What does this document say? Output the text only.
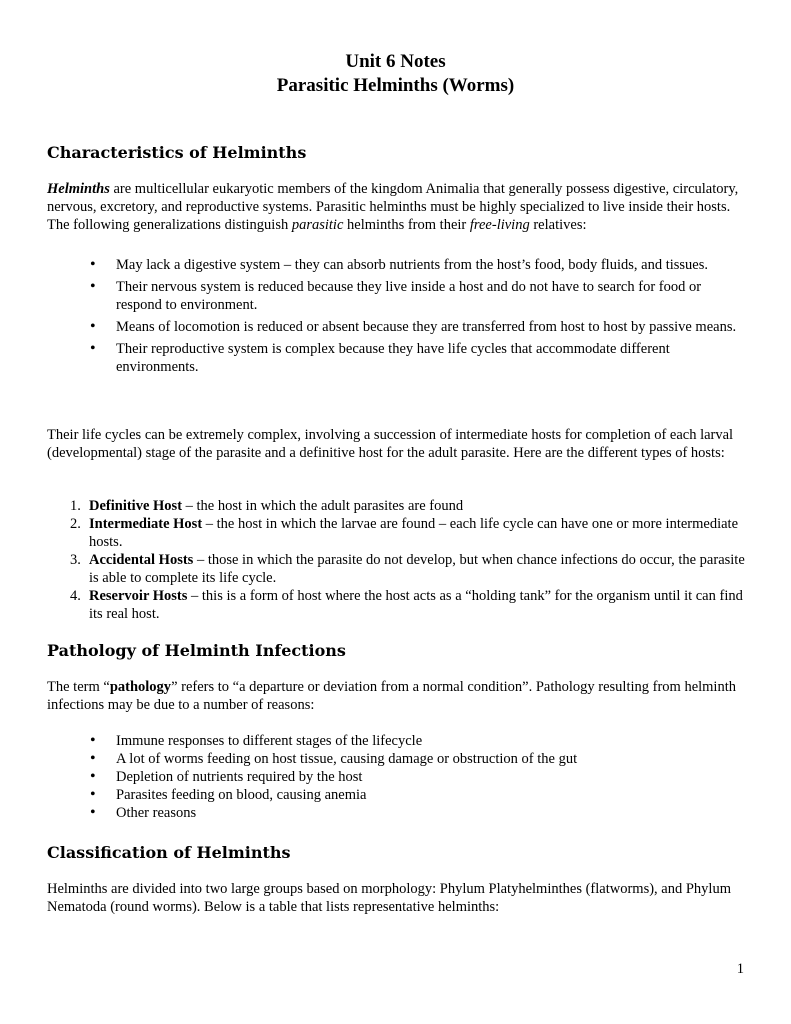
Unit 6 Notes
Parasitic Helminths (Worms)
Characteristics of Helminths

Helminths are multicellular eukaryotic members of the kingdom Animalia that generally possess digestive, circulatory, nervous, excretory, and reproductive systems. Parasitic helminths must be highly specialized to live inside their hosts. The following generalizations distinguish parasitic helminths from their free-living relatives:

• May lack a digestive system – they can absorb nutrients from the host’s food, body fluids, and tissues.
• Their nervous system is reduced because they live inside a host and do not have to search for food or respond to environment.
• Means of locomotion is reduced or absent because they are transferred from host to host by passive means.
• Their reproductive system is complex because they have life cycles that accommodate different environments.

Their life cycles can be extremely complex, involving a succession of intermediate hosts for completion of each larval (developmental) stage of the parasite and a definitive host for the adult parasite. Here are the different types of hosts:

1. Definitive Host – the host in which the adult parasites are found
2. Intermediate Host – the host in which the larvae are found – each life cycle can have one or more intermediate hosts.
3. Accidental Hosts – those in which the parasite do not develop, but when chance infections do occur, the parasite is able to complete its life cycle.
4. Reservoir Hosts – this is a form of host where the host acts as a “holding tank” for the organism until it can find its real host.
Pathology of Helminth Infections

The term “pathology” refers to “a departure or deviation from a normal condition”. Pathology resulting from helminth infections may be due to a number of reasons:

• Immune responses to different stages of the lifecycle
• A lot of worms feeding on host tissue, causing damage or obstruction of the gut
• Depletion of nutrients required by the host
• Parasites feeding on blood, causing anemia
• Other reasons
Classification of Helminths

Helminths are divided into two large groups based on morphology: Phylum Platyhelminthes (flatworms), and Phylum Nematoda (round worms). Below is a table that lists representative helminths:

1
